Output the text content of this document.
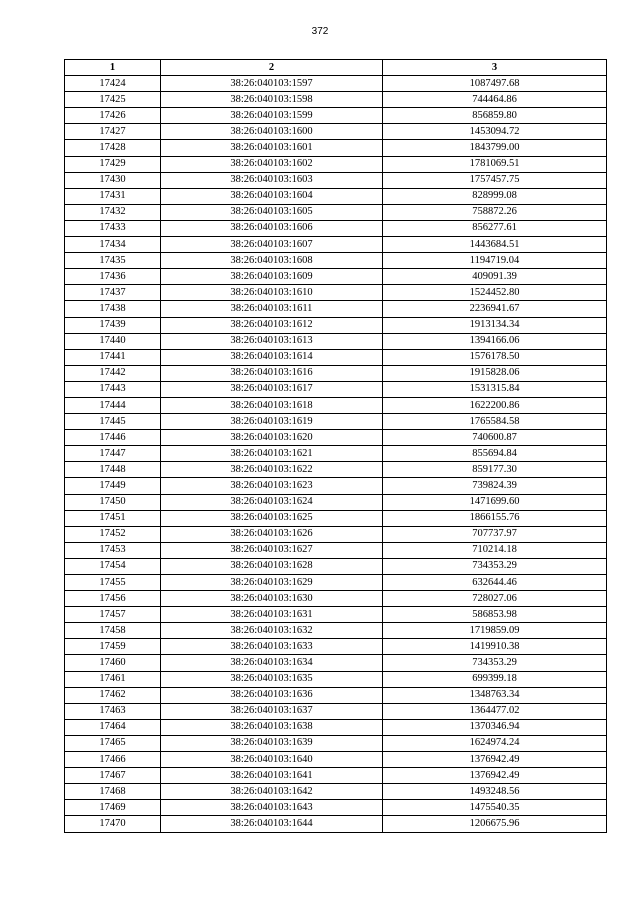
372
1	2	3
17424	38:26:040103:1597	1087497.68
17425	38:26:040103:1598	744464.86
17426	38:26:040103:1599	856859.80
17427	38:26:040103:1600	1453094.72
17428	38:26:040103:1601	1843799.00
17429	38:26:040103:1602	1781069.51
17430	38:26:040103:1603	1757457.75
17431	38:26:040103:1604	828999.08
17432	38:26:040103:1605	758872.26
17433	38:26:040103:1606	856277.61
17434	38:26:040103:1607	1443684.51
17435	38:26:040103:1608	1194719.04
17436	38:26:040103:1609	409091.39
17437	38:26:040103:1610	1524452.80
17438	38:26:040103:1611	2236941.67
17439	38:26:040103:1612	1913134.34
17440	38:26:040103:1613	1394166.06
17441	38:26:040103:1614	1576178.50
17442	38:26:040103:1616	1915828.06
17443	38:26:040103:1617	1531315.84
17444	38:26:040103:1618	1622200.86
17445	38:26:040103:1619	1765584.58
17446	38:26:040103:1620	740600.87
17447	38:26:040103:1621	855694.84
17448	38:26:040103:1622	859177.30
17449	38:26:040103:1623	739824.39
17450	38:26:040103:1624	1471699.60
17451	38:26:040103:1625	1866155.76
17452	38:26:040103:1626	707737.97
17453	38:26:040103:1627	710214.18
17454	38:26:040103:1628	734353.29
17455	38:26:040103:1629	632644.46
17456	38:26:040103:1630	728027.06
17457	38:26:040103:1631	586853.98
17458	38:26:040103:1632	1719859.09
17459	38:26:040103:1633	1419910.38
17460	38:26:040103:1634	734353.29
17461	38:26:040103:1635	699399.18
17462	38:26:040103:1636	1348763.34
17463	38:26:040103:1637	1364477.02
17464	38:26:040103:1638	1370346.94
17465	38:26:040103:1639	1624974.24
17466	38:26:040103:1640	1376942.49
17467	38:26:040103:1641	1376942.49
17468	38:26:040103:1642	1493248.56
17469	38:26:040103:1643	1475540.35
17470	38:26:040103:1644	1206675.96
